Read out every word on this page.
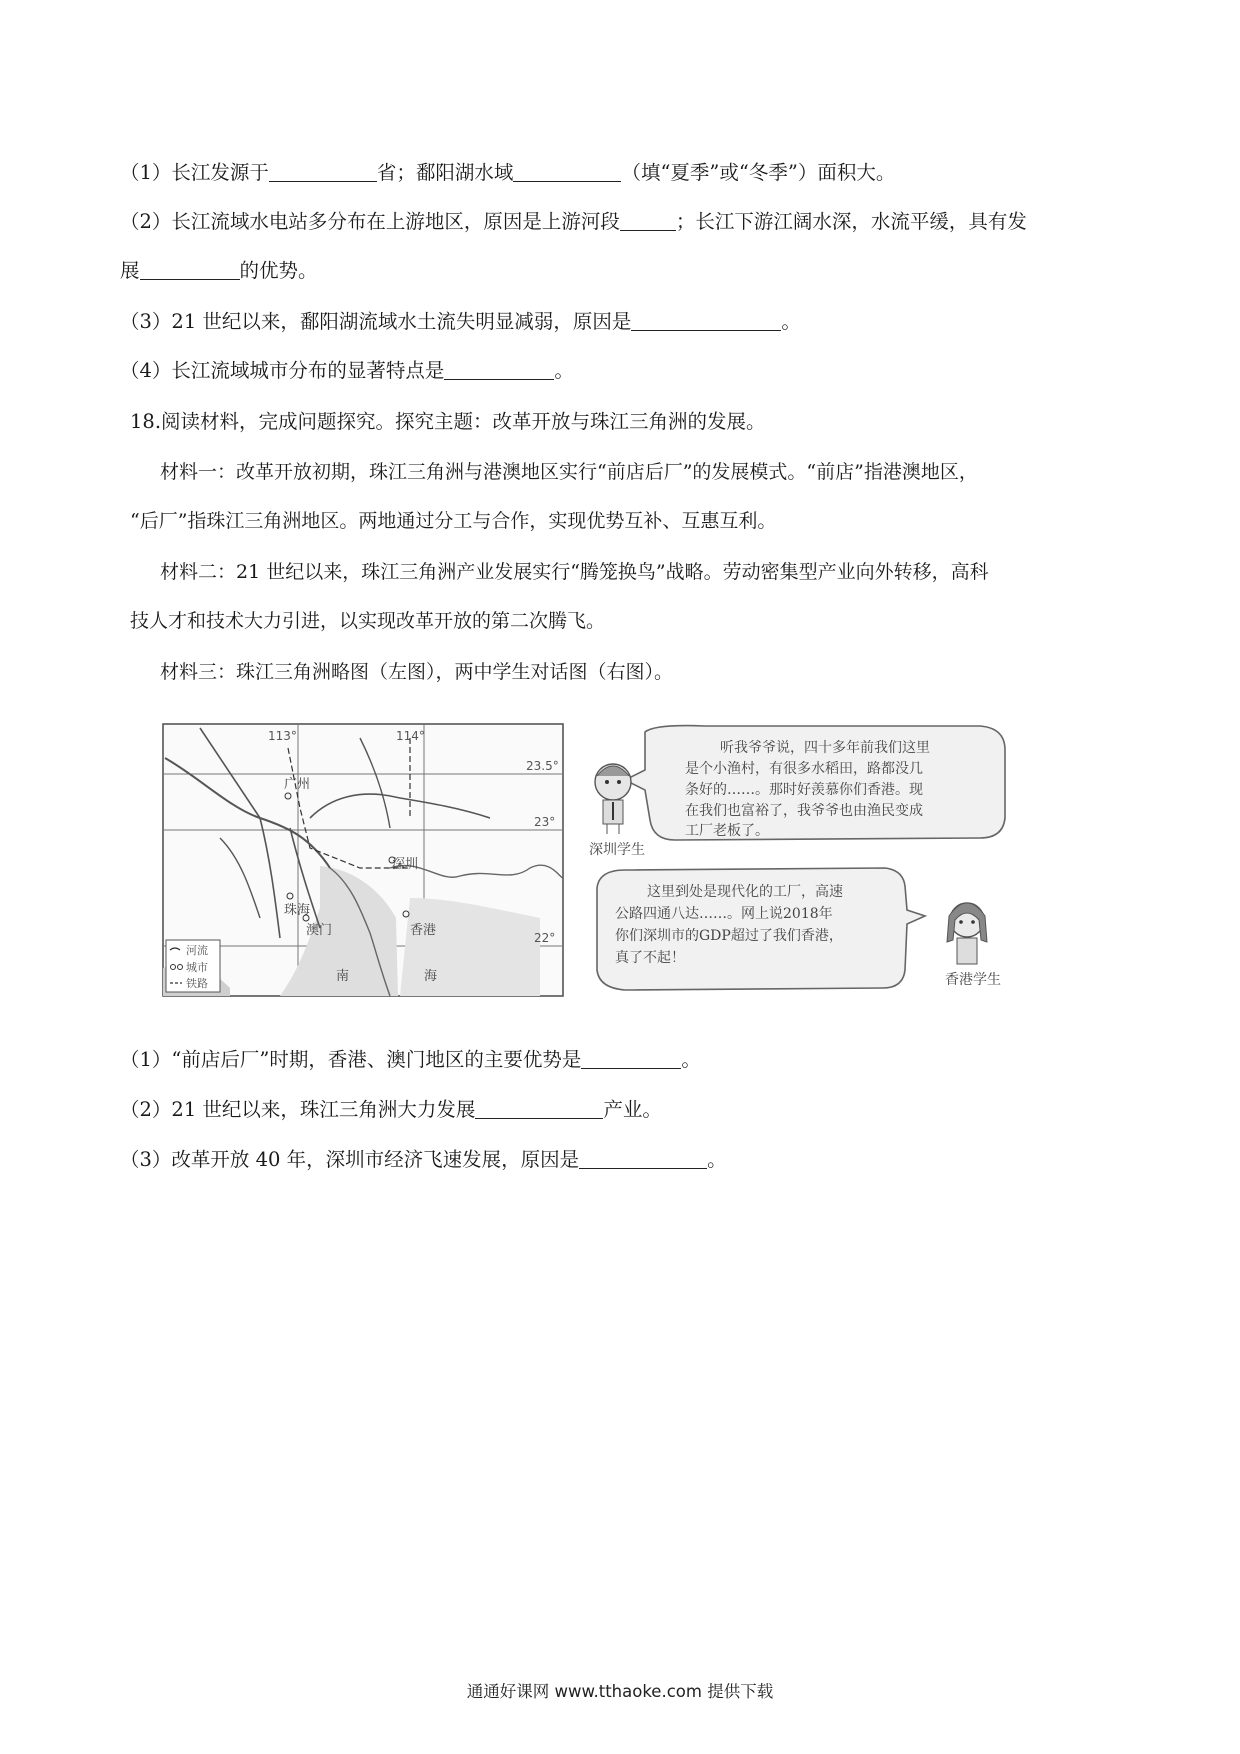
（1）长江发源于	省；鄱阳湖水域	（填“夏季”或“冬季”）面积大。
（2）长江流域水电站多分布在上游地区，原因是上游河段	；长江下游江阔水深，水流平缓，具有发
展	的优势。
（3）21 世纪以来，鄱阳湖流域水土流失明显减弱，原因是	。
（4）长江流域城市分布的显著特点是	。
18.阅读材料，完成问题探究。探究主题：改革开放与珠江三角洲的发展。
材料一：改革开放初期，珠江三角洲与港澳地区实行“前店后厂”的发展模式。“前店”指港澳地区，
“后厂”指珠江三角洲地区。两地通过分工与合作，实现优势互补、互惠互利。
材料二：21 世纪以来，珠江三角洲产业发展实行“腾笼换鸟”战略。劳动密集型产业向外转移，高科
技人才和技术大力引进，以实现改革开放的第二次腾飞。
材料三：珠江三角洲略图（左图），两中学生对话图（右图）。
113°	114°
23.5°
23°
22°
广州
深圳
珠海
澳门	香港
南	海
河流
城市
铁路
深圳学生
听我爷爷说，四十多年前我们这里
是个小渔村，有很多水稻田，路都没几
条好的……。那时好羡慕你们香港。现
在我们也富裕了，我爷爷也由渔民变成
工厂老板了。
香港学生
这里到处是现代化的工厂，高速
公路四通八达……。网上说2018年
你们深圳市的GDP超过了我们香港，
真了不起！
（1）“前店后厂”时期，香港、澳门地区的主要优势是	。
（2）21 世纪以来，珠江三角洲大力发展	产业。
（3）改革开放 40 年，深圳市经济飞速发展，原因是	。
通通好课网 www.tthaoke.com 提供下载
